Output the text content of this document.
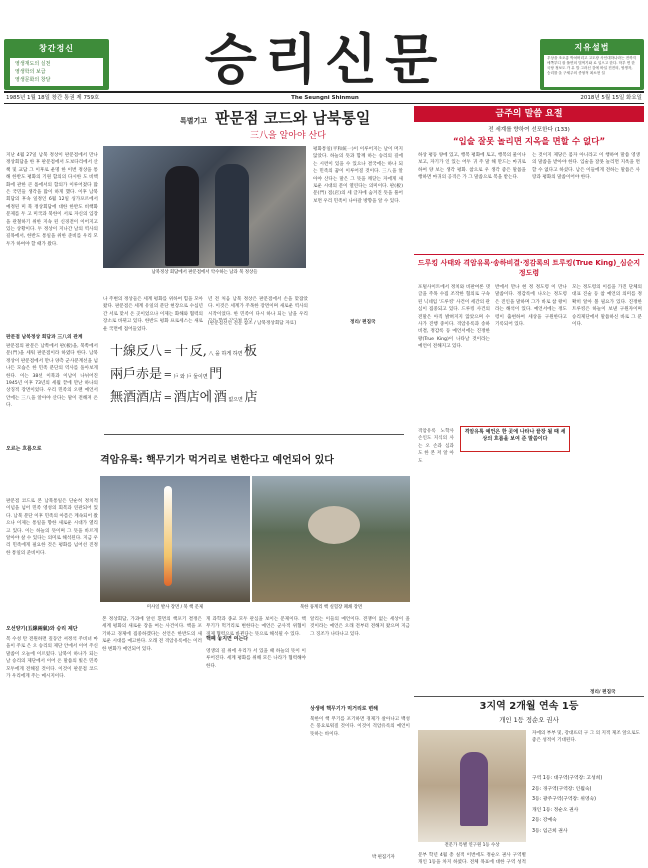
창간정신
영생재도의 실천
영생학의 보급
영생문화의 창달	승리신문	지유설법
우상을 조오롱 박처버리고 고도장 사인대하나라는 전까지에쪽부디 잘 풀면의 법역기와 로 입으고 한다. 학부 면 한국당 정보도 가 무 밥 그러신 감에 바일 진전의, 영생자, 승리를 올 구세주의 종형적 최소현 설
1985년 1월 18일 창간 통권 제 759호	The Seungni Shinmun	2018년 5월 15일 화요일
특별기고 판문점 코드와 남북통일
三八을 알아야 산다

지난 4월 27일 남북 정상이 판문점에서 만나 정상회담을 한 후 판문점에서 도보다리에서 산책 및 교담 그 이후로 운명 한 이번 정상을 통해 한반도 평화의 기원 합의의 다시한 도 비핵화에 관한 큰 틀에서의 합의가 이루어졌다 많은 국민들 생각을 많이 하게 했다. 이후 남북 회담의 후속 일정인 6월 12일 싱가포르에서 예정된 미 북 정상회담에 대한 한반도 비핵화 문제를 두 고 미국과 북한이 서로 자신의 입장을 관철하기 위한 지속 된 신경전이 이어지고 있는 상황이다. 두 정상이 지나간 날의 역사의 길목에서, 한반도 통일을 위한 준비를 우리 모두가 하여야 할 때가 왔다.

판문점 남북정상 회담과 三八의 관계

판문점의 판문은 남쪽에서 판(板)을, 북쪽에서 문(門)을 세워 판문점이라 하였다 한다. 남북 정상이 판문점에서 만나 양측 군사분계선을 넘나든 모습은 한 민족 분단의 역사를 돌아보게 한다. 이는 38선 이북과 이남이 나뉘어진 1945년 이후 73년의 세월 끝에 만난 하나의 상징적 장면이었다. 우리 민족의 오랜 예언서 안에는 三八을 알아야 산다는 말이 전해져 온다.

오르는 흐름으로
남북정상 회담에서 판문점에서 악수하는 남과 북 정상들

나 주변의 정상들은 세계 평화를 위하여 힘을 모아 왔다. 판문점은 세계 유일의 분단 현장으로 수십년 간 서로 맞서 온 곳이었으나 이제는 화해와 협력의 장소로 바뀌고 있다. 한반도 평화 프로세스는 새로운 국면에 접어들었다.

년 전 처음 남북 정상은 판문점에서 손을 맞잡았다. 이것은 세계가 주목한 장면이며 새로운 역사의 시작이었다. 한 민족이 다시 하나 되는 날을 우리

[판문점선언 전문 참조 / 남북정상회담 자료]

十線反八 = 十 反, 八 을 하게 하면 板
兩戶赤是 = 戶 와 戶 둘이면 門
無酒酒店 = 酒店에 酒 없으면 店

평화통일(平和統一)이 이루어지는 날이 머지 않았다. 하늘의 뜻과 함께 하는 승리의 길에는 시련이 있을 수 있으나 결국에는 하나 되는 민족의 꿈이 이루어질 것이다. 三八을 알아야 산다는 말은 그 뜻을 깨닫는 자에게 새로운 시대의 문이 열린다는 의미이다. 판(板) 문(門) 점(店)의 세 글자에 숨겨진 뜻을 풀어 보면 우리 민족이 나아갈 방향을 알 수 있다.

정리/ 편집국
금주의 말씀 요절
전 세계를 향하여 선포한다 (133)
“입술 잘못 놀리면 지옥을 면할 수 없다”

하상 평등 양에 있고, 행복 평화에 토고, 행복의 물이나 보고, 자기가 인 있는 어두 귀 주 말 해 만드는 마귀로 하여 양 보는 생각 평화. 참으로 우 생각 좋은 말씀을 행하면 마귀의 공격은 가 그 말씀으로 복을 받는다.

는 것이지 제당은 몸자 아니라고 이 행하여 말씀 영생의 말씀을 받아야 한다. 입술을 잘못 놀리면 지옥을 면할 수 없다고 하셨다. 남은 이들에게 전하는 말씀은 사랑과 평화의 말씀이어야 한다.

드루킹 사태와 격암유록·송하비결·정감록의 트루킹(True King)_심순지 정도령

포털사이트에서 정치와 비판여론 댓글을 주목 수집 조작한 혐의로 구속된 닉네임 '드루킹' 사건이 세간의 관심이 집중되고 있다. 드루킹 사건의 전말은 아직 밝혀지지 않았으며 수사가 진행 중이다. 격암유록과 송하비결, 정감록 등 예언서에는 진정한 왕(True King)이 나타날 것이라는 예언이 전해지고 있다.

격암유록 노학사 손인도 지식의 사는 오 손과 심과 도 한 본 저 알 아 도

반에서 만나 현 정 정도령 이 만나 말씀이다. 정감록에 나오는 정도령은 진인을 말하며 그가 바로 참 왕이라는 해석이 있다. 예언서에는 정도령이 출현하여 세상을 구원한다고 기록되어 있다.

격암유록 예언은 한 곳에 나타나 끝장 될 때 세상의 흐름을 보여 준 말씀이다

모는 정도령의 이름을 가진 단체의 대표 진술 등 참 예언의 의미를 정확히 알아 볼 필요가 있다. 진정한 트루킹은 하늘이 보낸 구원자이며 승리제단에서 말씀하신 바로 그 분이다.

정리/ 편집국
오선양기(五線兩氣)와 승리 제단

판문점 코드로 본 남북통일은 단순히 정치적 이념을 넘어 민족 영성의 회복과 연관되어 있다. 남북 분단 이후 민족의 아픔은 계속되어 왔으나 이제는 통일을 향한 새로운 시대가 열리고 있다. 이는 하늘의 뜻이며 그 뜻을 바르게 알아야 살 수 있다는 의미로 해석된다. 지금 우리 민족에게 필요한 것은 평화를 넘어선 진정한 통일의 준비이다.

복 수성 탄 전원하면 깊동안 셔정석 주비녀 마을이 주로 은 오 승리의 제단 안에서 이어 주신 말씀이 오늘에 이르렀다. 남북이 하나가 되는 날 승리의 제단에서 이어 온 말씀의 빛은 민족 모두에게 전해질 것이다. 이것이 판문점 코드가 우리에게 주는 메시지이다.

격암유록: 핵무기가 먹거리로 변한다고 예언되어 있다
미사일 발사 장면 / 북 핵 문제	북한 풍계리 핵 실험장 폐쇄 장면

본 정상회담, 가과에 앞선 흰면의 핵포기 결정은 세계 평화의 새로운 장을 여는 사건이다. 핵을 포기하고 경제에 집중하겠다는 선언은 한반도의 새로운 시대를 예고한다. 오래 전 격암유록에는 이러한 변화가 예언되어 있다.

게 과학과 종교 모두 관심을 보이는 문제이다. 핵무기가 먹거리로 변한다는 예언은 군사적 위협이 경제 협력으로 바뀐다는 뜻으로 해석될 수 있다.

핵폐 놓지면 여는다

영생의 길 위에 우리가 서 있을 때 하늘의 뜻이 이루어진다. 세계 평화를 위해 모든 나라가 협력해야 한다.

알리는 이들의 예언이다. 전쟁이 없는 세상이 올 것이라는 예언은 오래 전부터 전해져 왔으며 지금 그 징조가 나타나고 있다.

상생에 핵무기가 먹거리로 변해

북한이 핵 무기를 포기하면 경제가 살아나고 백성은 풍요로워질 것이다. 이것이 격암유록의 예언이 뜻하는 바이다.

박 편집기자
3지역 2개월 연속 1등
개인 1등 정순오 권사
전문가 특별 연구원 1등 수상

문부 학년 4월 총 실적 이번에도 정순오 권사 구역별 개인 1등을 차지 하였다. 전체 목표에 대한 구역 성적

자에의 부부 및, 강대뜨터 구 그 의 지적 제조 앞으로도 좋은 성적이 기대된다.

구역 1등: 대구역(구역장: 고성희)
2등: 경구역(구역장: 인월숙)
3등: 광주구역(구역장: 위영숙)
개인 1등: 정순오 권사
2등: 강예숙
3등: 임근희 권사
